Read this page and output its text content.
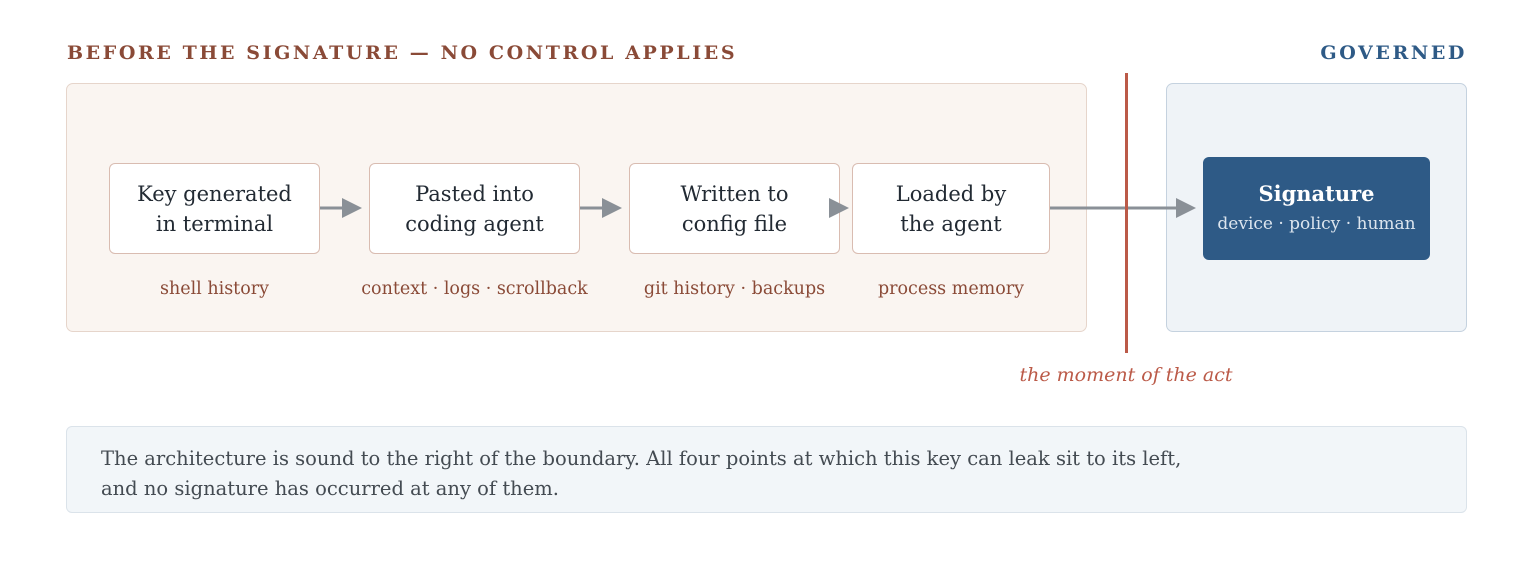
BEFORE THE SIGNATURE — NO CONTROL APPLIES	GOVERNED
Key generated
in terminal
Pasted into
coding agent
Written to
config file
Loaded by
the agent
shell history	context · logs · scrollback	git history · backups	process memory
the moment of the act
Signature
device · policy · human
The architecture is sound to the right of the boundary. All four points at which this key can leak sit to its left,
and no signature has occurred at any of them.
